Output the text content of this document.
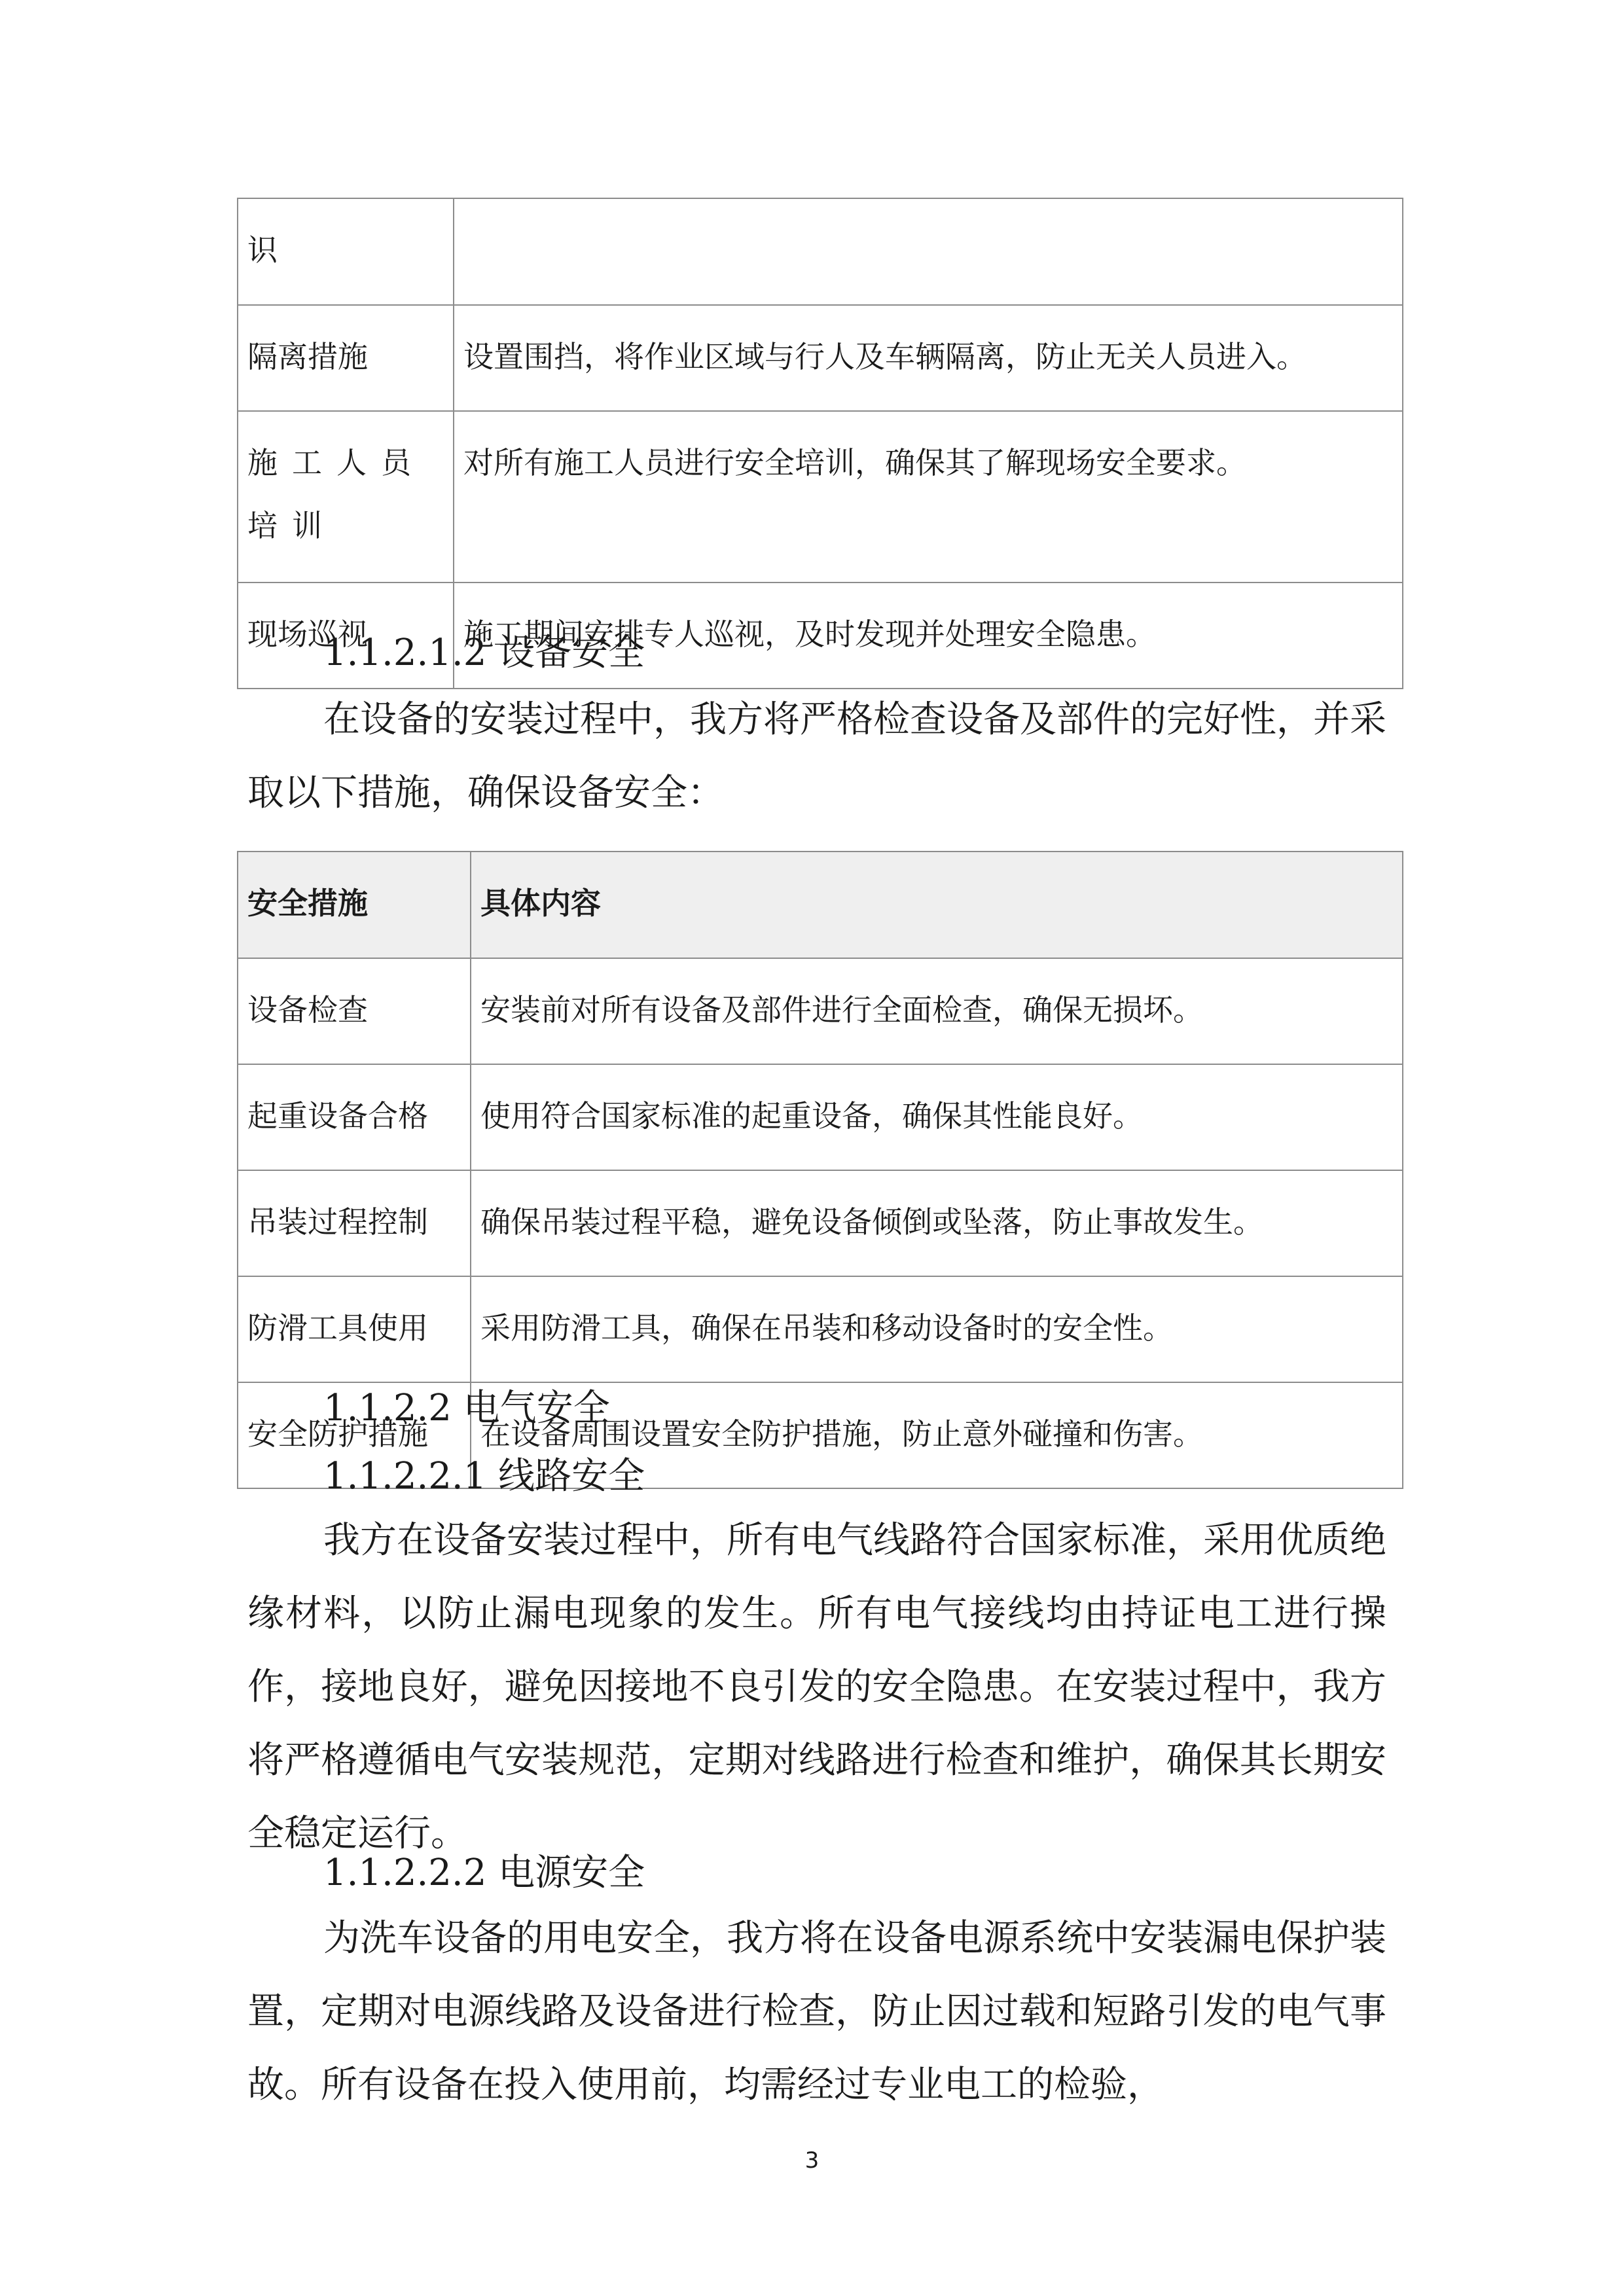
识	
隔离措施	设置围挡，将作业区域与行人及车辆隔离，防止无关人员进入。
施工人员培训	对所有施工人员进行安全培训，确保其了解现场安全要求。
现场巡视	施工期间安排专人巡视，及时发现并处理安全隐患。
1.1.2.1.2 设备安全
在设备的安装过程中，我方将严格检查设备及部件的完好性，并采取以下措施，确保设备安全：
安全措施	具体内容
设备检查	安装前对所有设备及部件进行全面检查，确保无损坏。
起重设备合格	使用符合国家标准的起重设备，确保其性能良好。
吊装过程控制	确保吊装过程平稳，避免设备倾倒或坠落，防止事故发生。
防滑工具使用	采用防滑工具，确保在吊装和移动设备时的安全性。
安全防护措施	在设备周围设置安全防护措施，防止意外碰撞和伤害。
1.1.2.2 电气安全
1.1.2.2.1 线路安全
我方在设备安装过程中，所有电气线路符合国家标准，采用优质绝缘材料，以防止漏电现象的发生。所有电气接线均由持证电工进行操作，接地良好，避免因接地不良引发的安全隐患。在安装过程中，我方将严格遵循电气安装规范，定期对线路进行检查和维护，确保其长期安全稳定运行。
1.1.2.2.2 电源安全
为洗车设备的用电安全，我方将在设备电源系统中安装漏电保护装置，定期对电源线路及设备进行检查，防止因过载和短路引发的电气事故。所有设备在投入使用前，均需经过专业电工的检验，
3
